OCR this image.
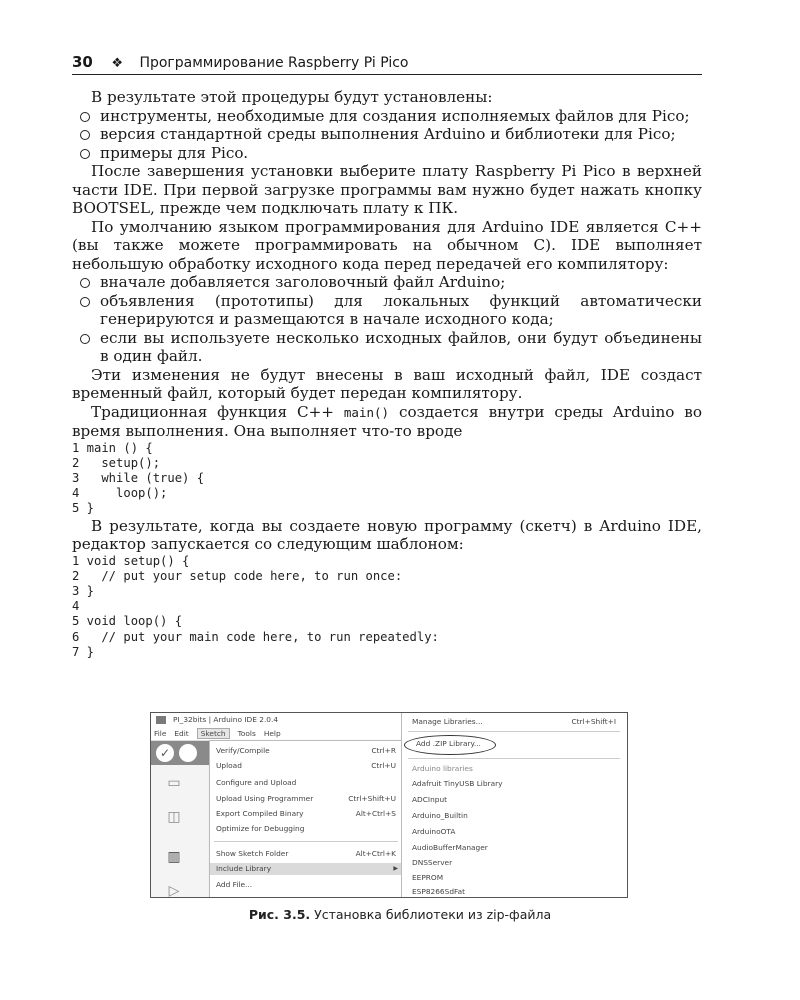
30 ❖ Программирование Raspberry Pi Pico

В результате этой процедуры будут установлены:

инструменты, необходимые для создания исполняемых файлов для Pico;
версия стандартной среды выполнения Arduino и библиотеки для Pico;
примеры для Pico.

После завершения установки выберите плату Raspberry Pi Pico в верхней части IDE. При первой загрузке программы вам нужно будет нажать кнопку BOOTSEL, прежде чем подключать плату к ПК.

По умолчанию языком программирования для Arduino IDE является C++ (вы также можете программировать на обычном C). IDE выполняет небольшую обработку исходного кода перед передачей его компилятору:

вначале добавляется заголовочный файл Arduino;
объявления (прототипы) для локальных функций автоматически генерируются и размещаются в начале исходного кода;
если вы используете несколько исходных файлов, они будут объединены в один файл.

Эти изменения не будут внесены в ваш исходный файл, IDE создаст временный файл, который будет передан компилятору.

Традиционная функция C++ main() создается внутри среды Arduino во время выполнения. Она выполняет что-то вроде

1 main () {
2   setup();
3   while (true) {
4     loop();
5 }

В результате, когда вы создаете новую программу (скетч) в Arduino IDE, редактор запускается со следующим шаблоном:

1 void setup() {
2   // put your setup code here, to run once:
3 }
4
5 void loop() {
6   // put your main code here, to run repeatedly:
7 }
PI_32bits | Arduino IDE 2.0.4
File Edit Sketch Tools Help
✓
▭
◫
▥
▷
Verify/Compile	Ctrl+R
Upload	Ctrl+U
Configure and Upload
Upload Using Programmer	Ctrl+Shift+U
Export Compiled Binary	Alt+Ctrl+S
Optimize for Debugging
Show Sketch Folder	Alt+Ctrl+K
Include Library	▶
Add File...
Manage Libraries...	Ctrl+Shift+I
Add .ZIP Library...
Arduino libraries
Adafruit TinyUSB Library
ADCInput
Arduino_Builtin
ArduinoOTA
AudioBufferManager
DNSServer
EEPROM
ESP8266SdFat
Рис. 3.5. Установка библиотеки из zip-файла
